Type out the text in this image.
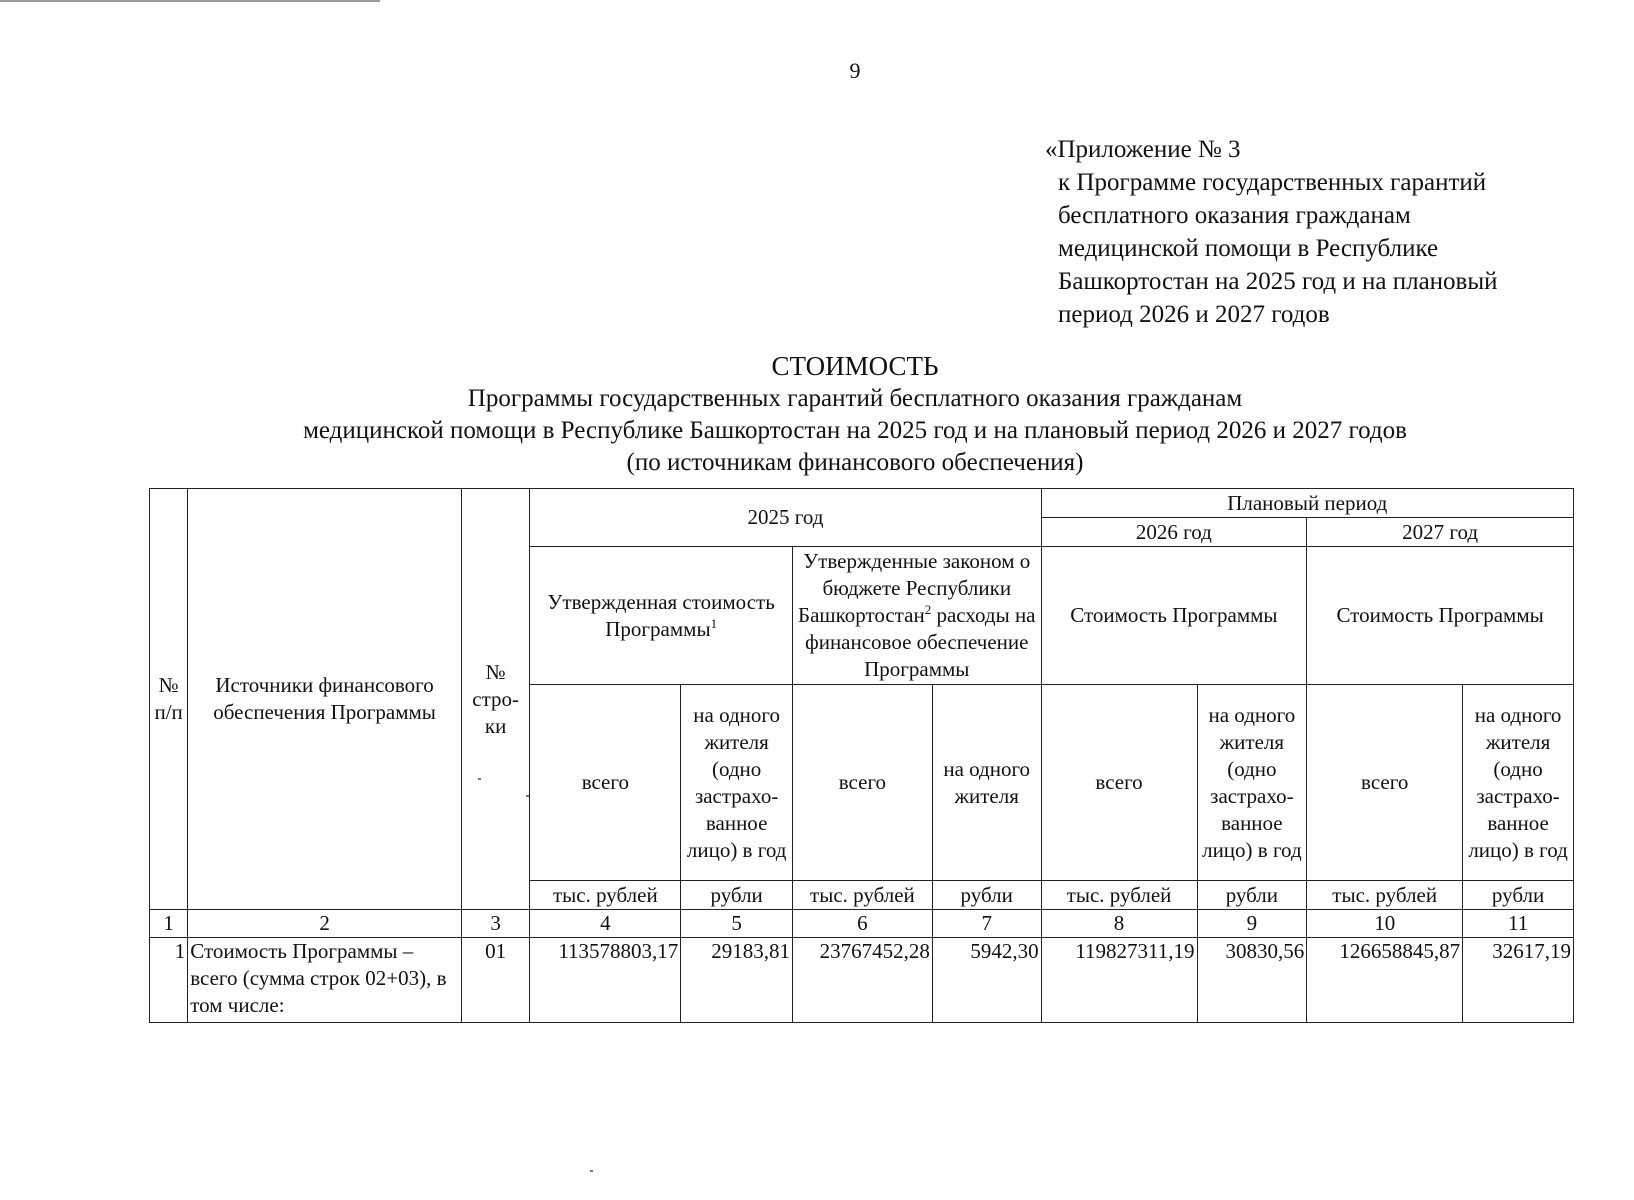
9
«Приложение № 3
к Программе государственных гарантий
бесплатного оказания гражданам
медицинской помощи в Республике
Башкортостан на 2025 год и на плановый
период 2026 и 2027 годов
СТОИМОСТЬ
Программы государственных гарантий бесплатного оказания гражданам
медицинской помощи в Республике Башкортостан на 2025 год и на плановый период 2026 и 2027 годов
(по источникам финансового обеспечения)
№ п/п	Источники финансового обеспечения Программы	№ стро-ки	2025 год				Плановый период			
							2026 год		2027 год	
			Утвержденная стоимость Программы$^1$		Утвержденные законом о бюджете Республики Башкортостан$^2$ расходы на финансовое обеспечение Программы		Стоимость Программы		Стоимость Программы	
			всего	на одного жителя (одно застрахо-ванное лицо) в год	всего	на одного жителя	всего	на одного жителя (одно застрахо-ванное лицо) в год	всего	на одного жителя (одно застрахо-ванное лицо) в год
			тыс. рублей	рубли	тыс. рублей	рубли	тыс. рублей	рубли	тыс. рублей	рубли
1	2	3	4	5	6	7	8	9	10	11
1	Стоимость Программы – всего (сумма строк 02+03), в том числе:	01	113578803,17	29183,81	23767452,28	5942,30	119827311,19	30830,56	126658845,87	32617,19
